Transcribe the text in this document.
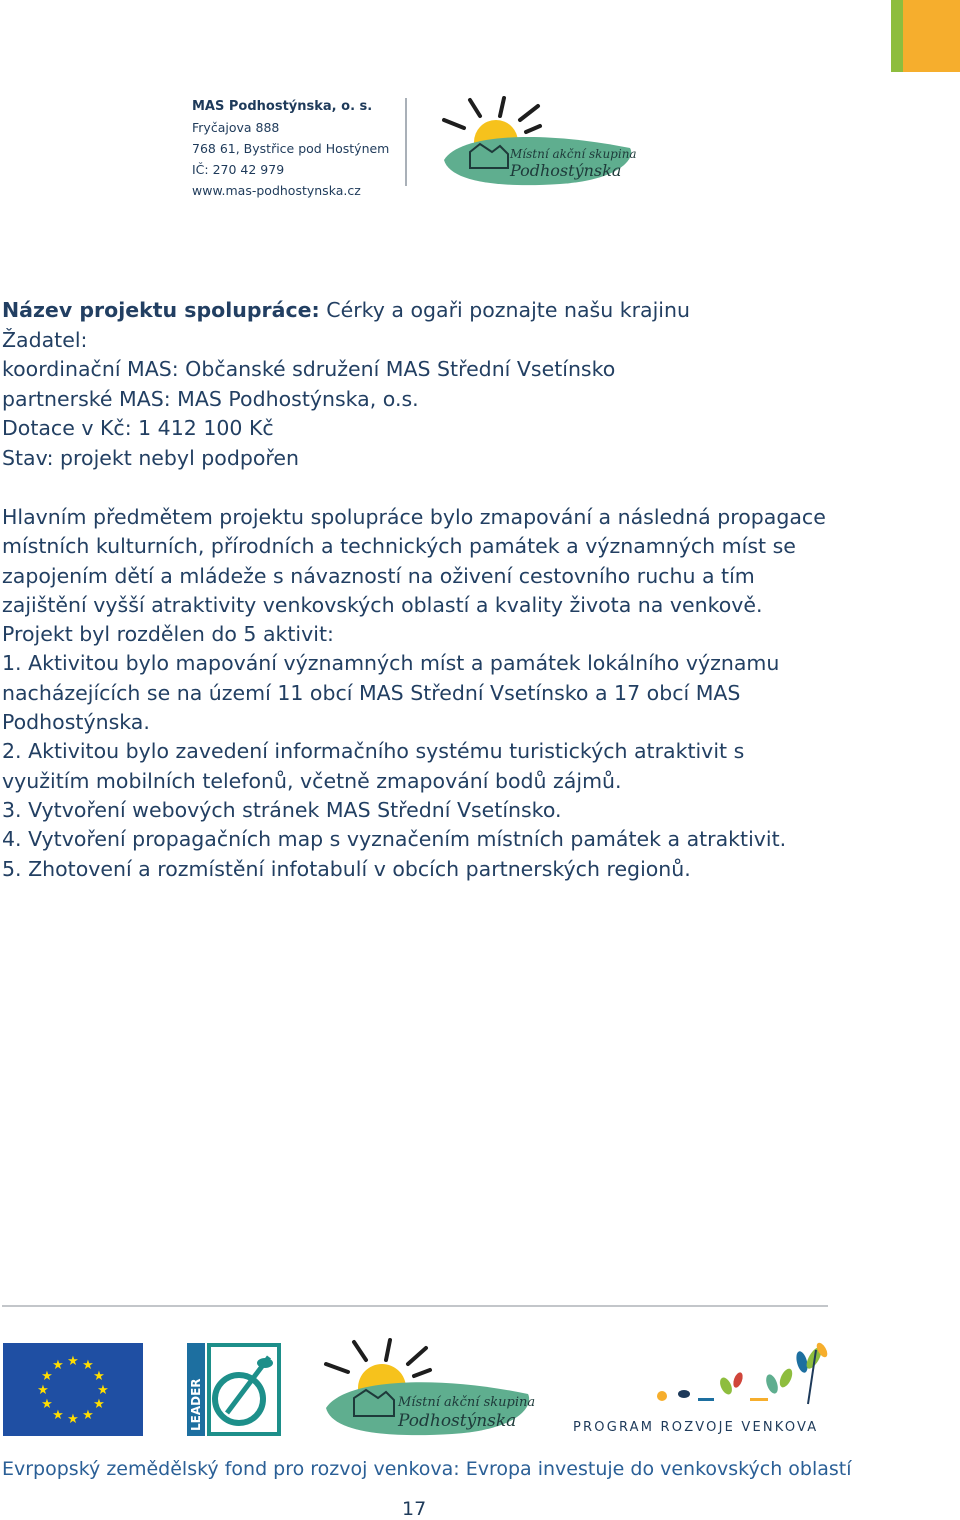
MAS Podhostýnska, o. s.
Fryčajova 888
768 61, Bystřice pod Hostýnem
IČ: 270 42 979
www.mas-podhostynska.cz
Místní akční skupina
Podhostýnska
Název projektu spolupráce: Cérky a ogaři poznajte našu krajinu
Žadatel:
koordinační MAS: Občanské sdružení MAS Střední Vsetínsko
partnerské MAS: MAS Podhostýnska, o.s.
Dotace v Kč: 1 412 100 Kč
Stav: projekt nebyl podpořen

Hlavním předmětem projektu spolupráce bylo zmapování a následná propagace místních kulturních, přírodních a technických památek a významných míst se zapojením dětí a mládeže s návazností na oživení cestovního ruchu a tím zajištění vyšší atraktivity venkovských oblastí a kvality života na venkově.

Projekt byl rozdělen do 5 aktivit:

1. Aktivitou bylo mapování významných míst a památek lokálního významu nacházejících se na území 11 obcí MAS Střední Vsetínsko a 17 obcí MAS Podhostýnska.

2. Aktivitou bylo zavedení informačního systému turistických atraktivit s využitím mobilních telefonů, včetně zmapování bodů zájmů.

3. Vytvoření webových stránek MAS Střední Vsetínsko.

4. Vytvoření propagačních map s vyznačením místních památek a atraktivit.

5. Zhotovení a rozmístění infotabulí v obcích partnerských regionů.

★ ★
★
★
★
★
★
★
★
★
★
★
LEADER	Místní akční skupina
Podhostýnska	PROGRAM ROZVOJE VENKOVA
Evrpopský zemědělský fond pro rozvoj venkova: Evropa investuje do venkovských oblastí
17
